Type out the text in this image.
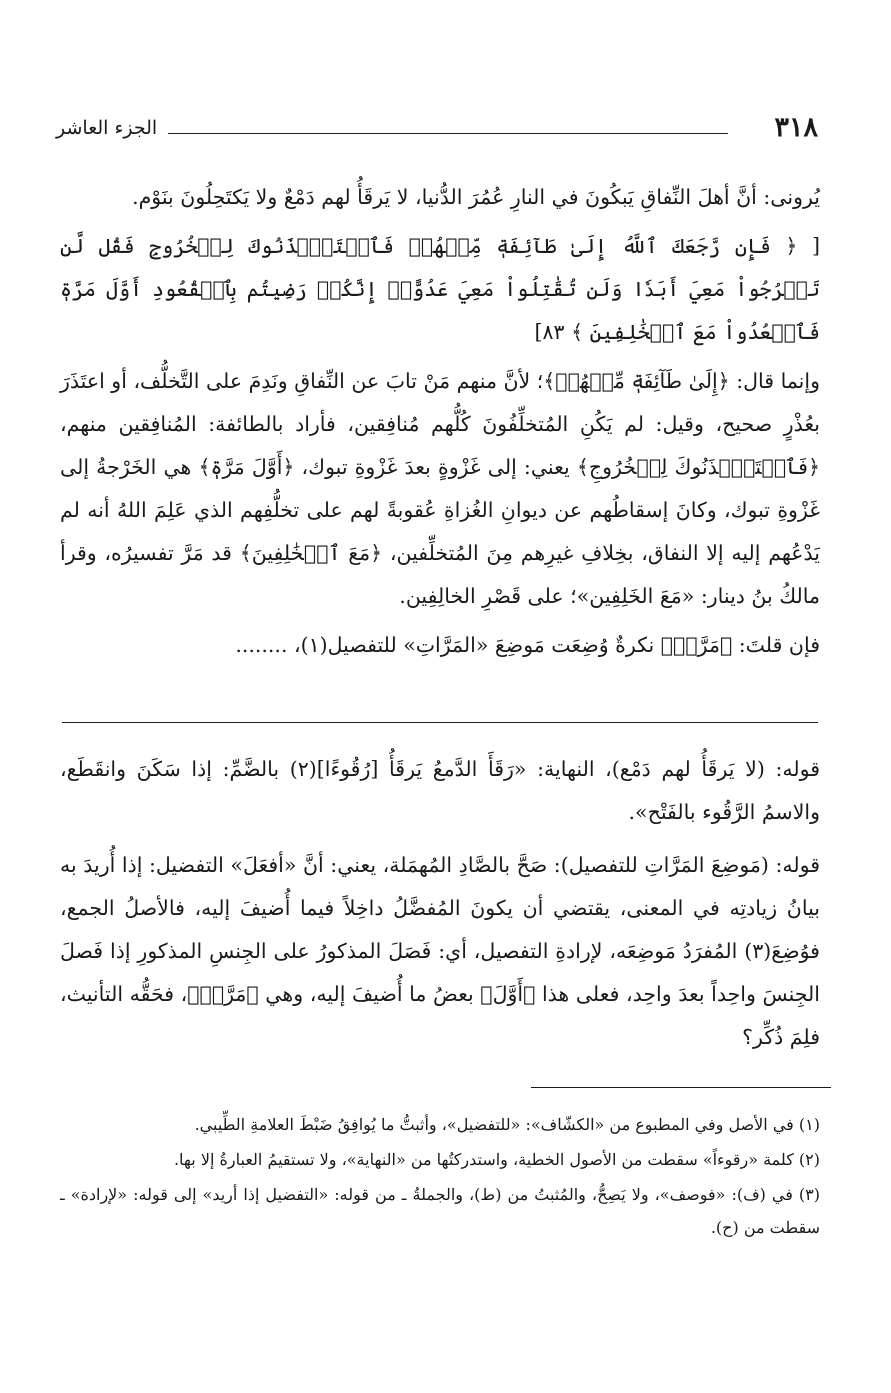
٣١٨
الجزء العاشر

يُرونى: أنَّ أهلَ النِّفاقِ يَبكُونَ في النارِ عُمُرَ الدُّنيا، لا يَرقَأُ لهم دَمْعٌ ولا يَكتَحِلُونَ بنَوْم.

[ ﴿ فَإِن رَّجَعَكَ ٱللَّهُ إِلَىٰ طَآئِفَةٖ مِّنۡهُمۡ فَٱسۡتَـٔۡذَنُوكَ لِلۡخُرُوجِ فَقُل لَّن تَخۡرُجُواْ مَعِيَ أَبَدٗا وَلَن تُقَٰتِلُواْ مَعِيَ عَدُوًّاۖ إِنَّكُمۡ رَضِيتُم بِٱلۡقُعُودِ أَوَّلَ مَرَّةٖ فَٱقۡعُدُواْ مَعَ ٱلۡخَٰلِفِينَ ﴾ ٨٣]

وإنما قال: ﴿إِلَىٰ طَآئِفَةٖ مِّنۡهُمۡ﴾؛ لأنَّ منهم مَنْ تابَ عن النِّفاقِ ونَدِمَ على التَّخلُّف، أو اعتَذَرَ بعُذْرٍ صحيح، وقيل: لم يَكُنِ المُتخلِّفُونَ كُلُّهم مُنافِقين، فأراد بالطائفة: المُنافِقين منهم، ﴿فَٱسۡتَـٔۡذَنُوكَ لِلۡخُرُوجِ﴾ يعني: إلى غَزْوةٍ بعدَ غَزْوةِ تبوك، ﴿أَوَّلَ مَرَّةٖ﴾ هي الخَرْجةُ إلى غَزْوةِ تبوك، وكانَ إسقاطُهم عن ديوانِ الغُزاةِ عُقوبةً لهم على تخلُّفِهم الذي عَلِمَ اللهُ أنه لم يَدْعُهم إليه إلا النفاق، بخِلافِ غيرِهم مِنَ المُتخلِّفين، ﴿مَعَ ٱلۡخَٰلِفِينَ﴾ قد مَرَّ تفسيرُه، وقرأ مالكُ بنُ دينار: «مَعَ الخَلِفِين»؛ على قَصْرِ الخالِفِين.

فإن قلتَ: ﴿مَرَّةٖ﴾ نكرةٌ وُضِعَت مَوضِعَ «المَرَّاتِ» للتفصيل(١)، ........

قوله: (لا يَرقَأُ لهم دَمْع)، النهاية: «رَقَأَ الدَّمعُ يَرقَأُ [رُقُوءًا](٢) بالضَّمِّ: إذا سَكَنَ وانقَطَع، والاسمُ الرَّقُوء بالفَتْح».

قوله: (مَوضِعَ المَرَّاتِ للتفصيل): صَحَّ بالصَّادِ المُهمَلة، يعني: أنَّ «أفعَلَ» التفضيل: إذا أُريدَ به بيانُ زيادتِه في المعنى، يقتضي أن يكونَ المُفضَّلُ داخِلاً فيما أُضيفَ إليه، فالأصلُ الجمع، فوُضِعَ(٣) المُفرَدُ مَوضِعَه، لإرادةِ التفصيل، أي: فَصَلَ المذكورُ على الجِنسِ المذكورِ إذا فَصلَ الجِنسَ واحِداً بعدَ واحِد، فعلى هذا ﴿أَوَّلَ﴾ بعضُ ما أُضيفَ إليه، وهي ﴿مَرَّةٖ﴾، فحَقُّه التأنيث، فلِمَ ذُكِّر؟

(١) في الأصل وفي المطبوع من «الكشّاف»: «للتفضيل»، وأثبتُّ ما يُوافِقُ ضَبْطَ العلامةِ الطِّيبي.

(٢) كلمة «رقوءاً» سقطت من الأصول الخطية، واستدركتُها من «النهاية»، ولا تستقيمُ العبارةُ إلا بها.

(٣) في (ف): «فوصف»، ولا يَصِحُّ، والمُثبتُ من (ط)، والجملةُ ـ من قوله: «التفضيل إذا أريد» إلى قوله: «لإرادة» ـ سقطت من (ح).
